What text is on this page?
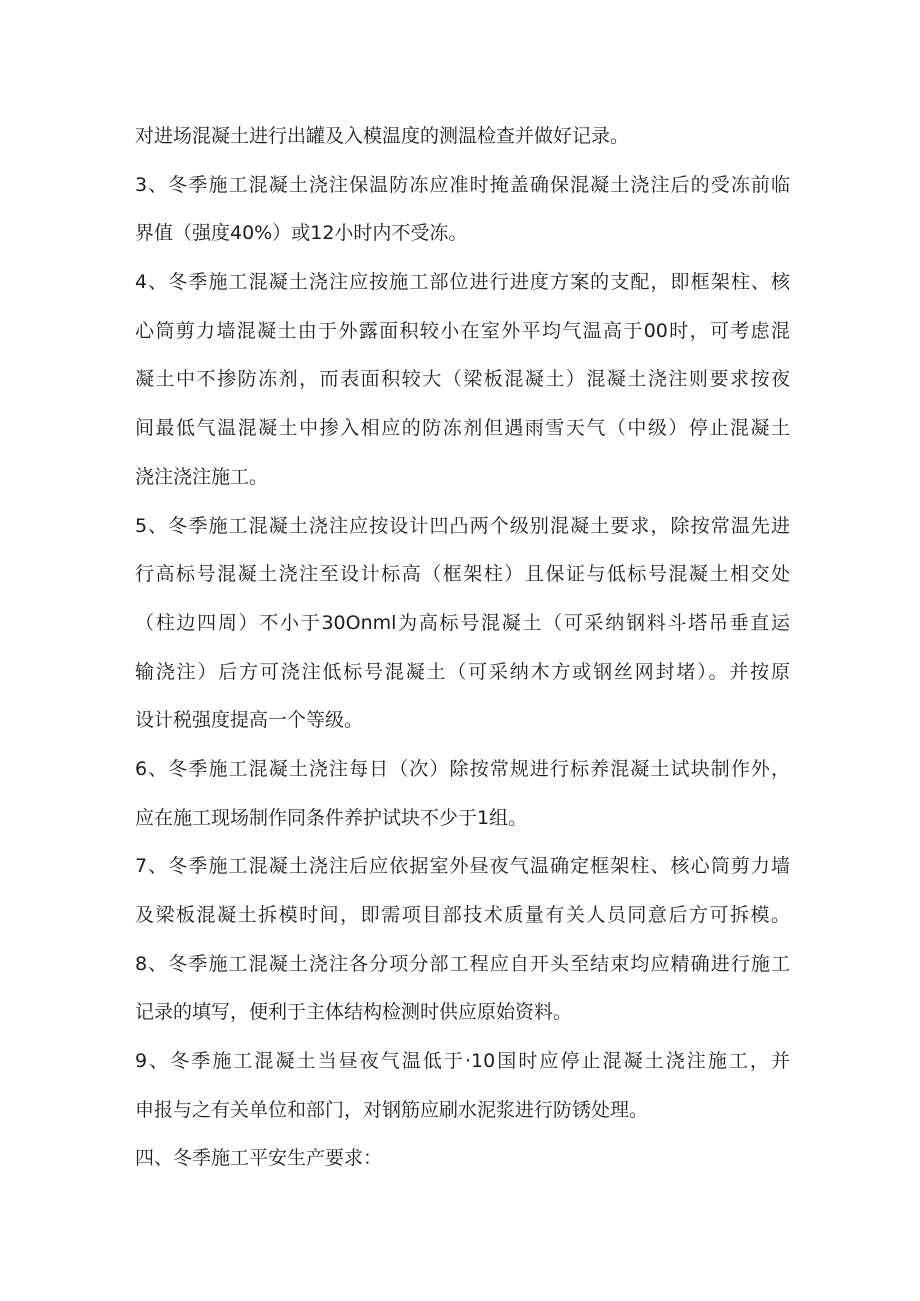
对进场混凝土进行出罐及入模温度的测温检查并做好记录。
3、冬季施工混凝土浇注保温防冻应准时掩盖确保混凝土浇注后的受冻前临
界值（强度40%）或12小时内不受冻。
4、冬季施工混凝土浇注应按施工部位进行进度方案的支配，即框架柱、核
心筒剪力墙混凝土由于外露面积较小在室外平均气温高于00时，可考虑混
凝土中不掺防冻剂，而表面积较大（梁板混凝土）混凝土浇注则要求按夜
间最低气温混凝土中掺入相应的防冻剂但遇雨雪天气（中级）停止混凝土
浇注浇注施工。
5、冬季施工混凝土浇注应按设计凹凸两个级别混凝土要求，除按常温先进
行高标号混凝土浇注至设计标高（框架柱）且保证与低标号混凝土相交处
（柱边四周）不小于30Onml为高标号混凝土（可采纳钢料斗塔吊垂直运
输浇注）后方可浇注低标号混凝土（可采纳木方或钢丝网封堵）。并按原
设计税强度提高一个等级。
6、冬季施工混凝土浇注每日（次）除按常规进行标养混凝土试块制作外，
应在施工现场制作同条件养护试块不少于1组。
7、冬季施工混凝土浇注后应依据室外昼夜气温确定框架柱、核心筒剪力墙
及梁板混凝土拆模时间，即需项目部技术质量有关人员同意后方可拆模。
8、冬季施工混凝土浇注各分项分部工程应自开头至结束均应精确进行施工
记录的填写，便利于主体结构检测时供应原始资料。
9、冬季施工混凝土当昼夜气温低于·10国时应停止混凝土浇注施工，并
申报与之有关单位和部门，对钢筋应刷水泥浆进行防锈处理。
四、冬季施工平安生产要求：
